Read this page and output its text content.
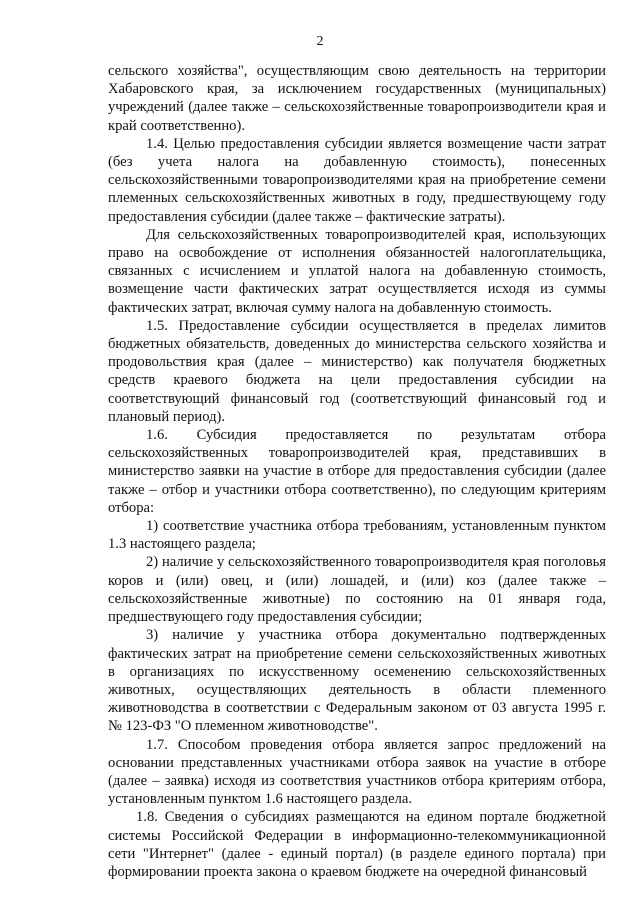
2

сельского хозяйства", осуществляющим свою деятельность на территории Хабаровского края, за исключением государственных (муниципальных) учреждений (далее также – сельскохозяйственные товаропроизводители края и край соответственно).

1.4. Целью предоставления субсидии является возмещение части затрат (без учета налога на добавленную стоимость), понесенных сельскохозяйственными товаропроизводителями края на приобретение семени племенных сельскохозяйственных животных в году, предшествующему году предоставления субсидии (далее также – фактические затраты).

Для сельскохозяйственных товаропроизводителей края, использующих право на освобождение от исполнения обязанностей налогоплательщика, связанных с исчислением и уплатой налога на добавленную стоимость, возмещение части фактических затрат осуществляется исходя из суммы фактических затрат, включая сумму налога на добавленную стоимость.

1.5. Предоставление субсидии осуществляется в пределах лимитов бюджетных обязательств, доведенных до министерства сельского хозяйства и продовольствия края (далее – министерство) как получателя бюджетных средств краевого бюджета на цели предоставления субсидии на соответствующий финансовый год (соответствующий финансовый год и плановый период).

1.6. Субсидия предоставляется по результатам отбора сельскохозяйственных товаропроизводителей края, представивших в министерство заявки на участие в отборе для предоставления субсидии (далее также – отбор и участники отбора соответственно), по следующим критериям отбора:

1) соответствие участника отбора требованиям, установленным пунктом 1.3 настоящего раздела;

2) наличие у сельскохозяйственного товаропроизводителя края поголовья коров и (или) овец, и (или) лошадей, и (или) коз (далее также – сельскохозяйственные животные) по состоянию на 01 января года, предшествующего году предоставления субсидии;

3) наличие у участника отбора документально подтвержденных фактических затрат на приобретение семени сельскохозяйственных животных в организациях по искусственному осеменению сельскохозяйственных животных, осуществляющих деятельность в области племенного животноводства в соответствии с Федеральным законом от 03 августа 1995 г. № 123-ФЗ "О племенном животноводстве".

1.7. Способом проведения отбора является запрос предложений на основании представленных участниками отбора заявок на участие в отборе (далее – заявка) исходя из соответствия участников отбора критериям отбора, установленным пунктом 1.6 настоящего раздела.

1.8. Сведения о субсидиях размещаются на едином портале бюджетной системы Российской Федерации в информационно-телекоммуникационной сети "Интернет" (далее - единый портал) (в разделе единого портала) при формировании проекта закона о краевом бюджете на очередной финансовый
